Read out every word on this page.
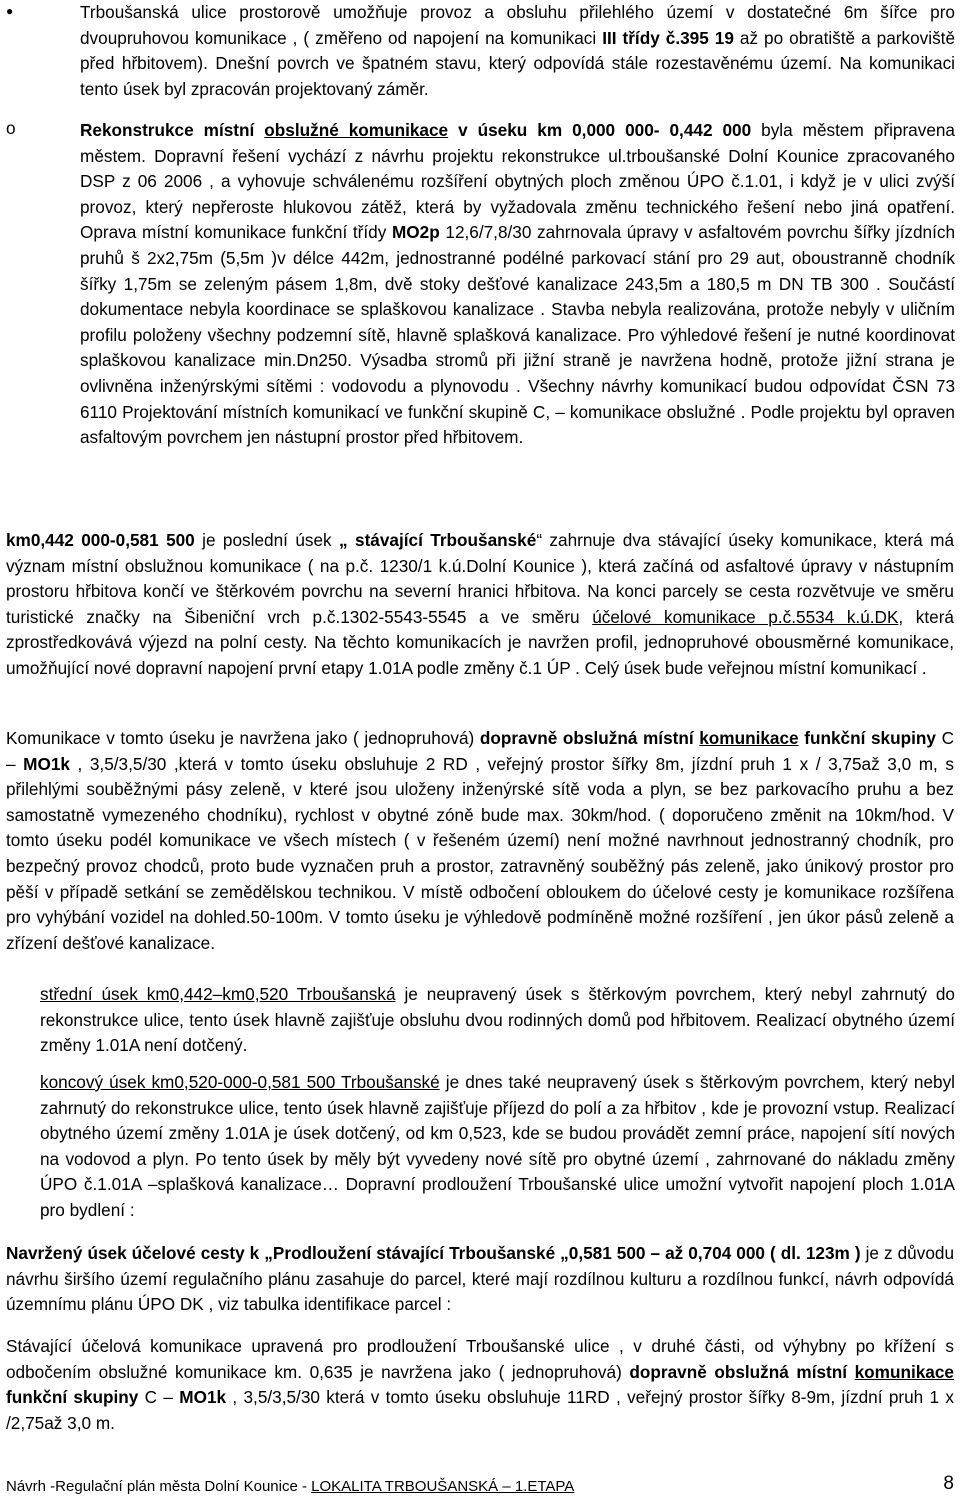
●	Trboušanská ulice prostorově umožňuje provoz a obsluhu přilehlého území v dostatečné 6m šířce pro dvoupruhovou komunikace , ( změřeno od napojení na komunikaci III třídy č.395 19 až po obratiště a parkoviště před hřbitovem). Dnešní povrch ve špatném stavu, který odpovídá stále rozestavěnému území. Na komunikaci tento úsek byl zpracován projektovaný záměr.

o	Rekonstrukce místní obslužné komunikace v úseku km 0,000 000- 0,442 000 byla městem připravena městem. Dopravní řešení vychází z návrhu projektu rekonstrukce ul.trboušanské Dolní Kounice zpracovaného DSP z 06 2006 , a vyhovuje schválenému rozšíření obytných ploch změnou ÚPO č.1.01, i když je v ulici zvýší provoz, který nepřeroste hlukovou zátěž, která by vyžadovala změnu technického řešení nebo jiná opatření. Oprava místní komunikace funkční třídy MO2p 12,6/7,8/30 zahrnovala úpravy v asfaltovém povrchu šířky jízdních pruhů š 2x2,75m (5,5m )v délce 442m, jednostranné podélné parkovací stání pro 29 aut, oboustranně chodník šířky 1,75m se zeleným pásem 1,8m, dvě stoky dešťové kanalizace 243,5m a 180,5 m DN TB 300 . Součástí dokumentace nebyla koordinace se splaškovou kanalizace . Stavba nebyla realizována, protože nebyly v uličním profilu položeny všechny podzemní sítě, hlavně splašková kanalizace. Pro výhledové řešení je nutné koordinovat splaškovou kanalizace min.Dn250. Výsadba stromů při jižní straně je navržena hodně, protože jižní strana je ovlivněna inženýrskými sítěmi : vodovodu a plynovodu . Všechny návrhy komunikací budou odpovídat ČSN 73 6110 Projektování místních komunikací ve funkční skupině C, – komunikace obslužné . Podle projektu byl opraven asfaltovým povrchem jen nástupní prostor před hřbitovem.

km0,442 000-0,581 500 je poslední úsek „ stávající Trboušanské“ zahrnuje dva stávající úseky komunikace, která má význam místní obslužnou komunikace ( na p.č. 1230/1 k.ú.Dolní Kounice ), která začíná od asfaltové úpravy v nástupním prostoru hřbitova končí ve štěrkovém povrchu na severní hranici hřbitova. Na konci parcely se cesta rozvětvuje ve směru turistické značky na Šibeniční vrch p.č.1302-5543-5545 a ve směru účelové komunikace p.č.5534 k.ú.DK, která zprostředkovává výjezd na polní cesty. Na těchto komunikacích je navržen profil, jednopruhové obousměrné komunikace, umožňující nové dopravní napojení první etapy 1.01A podle změny č.1 ÚP . Celý úsek bude veřejnou místní komunikací .

Komunikace v tomto úseku je navržena jako ( jednopruhová) dopravně obslužná místní komunikace funkční skupiny C – MO1k , 3,5/3,5/30 ,která v tomto úseku obsluhuje 2 RD , veřejný prostor šířky 8m, jízdní pruh 1 x / 3,75až 3,0 m, s přilehlými souběžnými pásy zeleně, v které jsou uloženy inženýrské sítě voda a plyn, se bez parkovacího pruhu a bez samostatně vymezeného chodníku), rychlost v obytné zóně bude max. 30km/hod. ( doporučeno změnit na 10km/hod. V tomto úseku podél komunikace ve všech místech ( v řešeném území) není možné navrhnout jednostranný chodník, pro bezpečný provoz chodců, proto bude vyznačen pruh a prostor, zatravněný souběžný pás zeleně, jako únikový prostor pro pěší v případě setkání se zemědělskou technikou. V místě odbočení obloukem do účelové cesty je komunikace rozšířena pro vyhýbání vozidel na dohled.50-100m. V tomto úseku je výhledově podmíněně možné rozšíření , jen úkor pásů zeleně a zřízení dešťové kanalizace.

střední úsek km0,442–km0,520 Trboušanská je neupravený úsek s štěrkovým povrchem, který nebyl zahrnutý do rekonstrukce ulice, tento úsek hlavně zajišťuje obsluhu dvou rodinných domů pod hřbitovem. Realizací obytného území změny 1.01A není dotčený.

koncový úsek km0,520-000-0,581 500 Trboušanské je dnes také neupravený úsek s štěrkovým povrchem, který nebyl zahrnutý do rekonstrukce ulice, tento úsek hlavně zajišťuje příjezd do polí a za hřbitov , kde je provozní vstup. Realizací obytného území změny 1.01A je úsek dotčený, od km 0,523, kde se budou provádět zemní práce, napojení sítí nových na vodovod a plyn. Po tento úsek by měly být vyvedeny nové sítě pro obytné území , zahrnované do nákladu změny ÚPO č.1.01A –splašková kanalizace… Dopravní prodloužení Trboušanské ulice umožní vytvořit napojení ploch 1.01A pro bydlení :

Navržený úsek účelové cesty k „Prodloužení stávající Trboušanské „0,581 500 – až 0,704 000 ( dl. 123m ) je z důvodu návrhu širšího území regulačního plánu zasahuje do parcel, které mají rozdílnou kulturu a rozdílnou funkcí, návrh odpovídá územnímu plánu ÚPO DK , viz tabulka identifikace parcel :

Stávající účelová komunikace upravená pro prodloužení Trboušanské ulice , v druhé části, od výhybny po křížení s odbočením obslužné komunikace km. 0,635 je navržena jako ( jednopruhová) dopravně obslužná místní komunikace funkční skupiny C – MO1k , 3,5/3,5/30 která v tomto úseku obsluhuje 11RD , veřejný prostor šířky 8-9m, jízdní pruh 1 x /2,75až 3,0 m.

Návrh -Regulační plán města Dolní Kounice - LOKALITA TRBOUŠANSKÁ – 1.ETAPA	8
